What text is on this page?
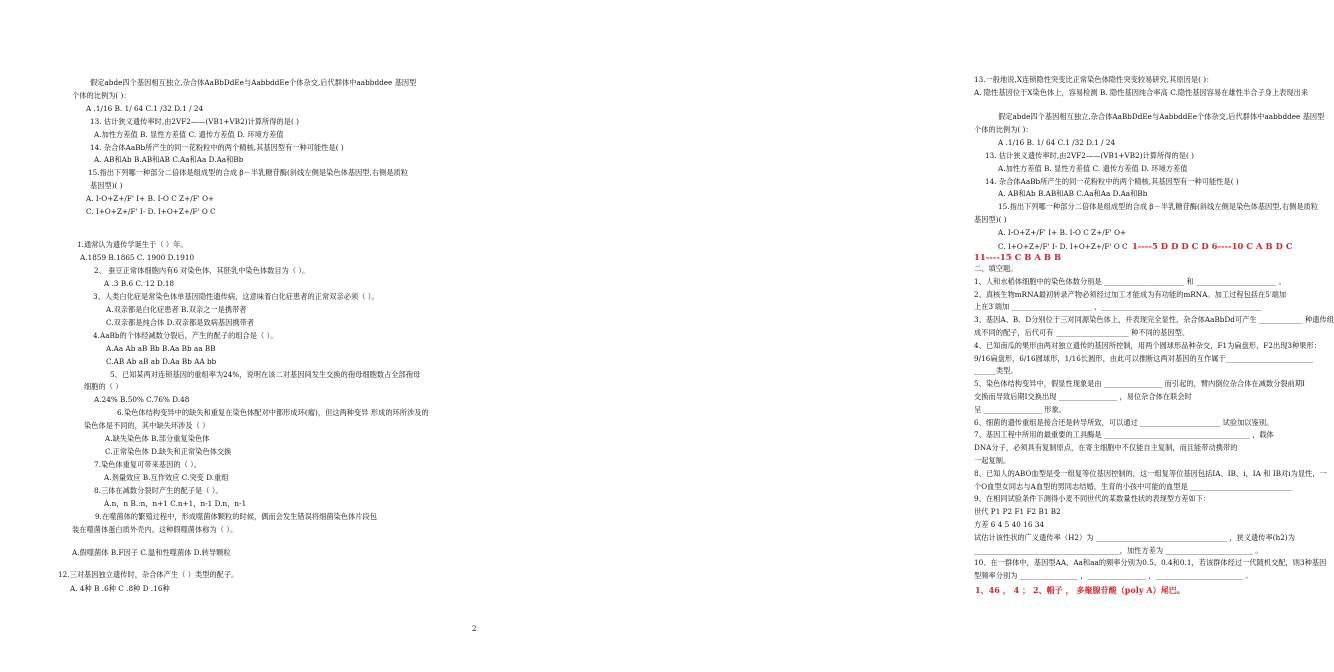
假定abde四个基因相互独立,杂合体AaBbDdEe与AabbddEe个体杂交,后代群体中aabbddee 基因型
个体的比例为( )：
A .1/16 B. 1/ 64 C.1 /32 D.1 / 24
13. 估计狭义遗传率时,由2VF2——(VB1+VB2)计算所得的是( )
A.加性方差值 B. 显性方差值 C. 遗传方差值 D. 环境方差值
14. 杂合体AaBb所产生的同一花粉粒中的两个精核,其基因型有一种可能性是( )
A. AB和Ab B.AB和AB C.Aa和Aa D.Aa和Bb
15.指出下列哪一种部分二倍体是组成型的合成 β－半乳糖苷酶(斜线左侧是染色体基因型,右侧是质粒
基因型)( )
A. I-O+Z+/F' I+ B. I-O C Z+/F' O+
C. I+O+Z+/F' I- D. I+O+Z+/F' O C
1.通常认为遗传学诞生于（ ）年。
A.1859 B.1865 C. 1900 D.1910
2、 蚕豆正常体细胞内有6 对染色体，其胚乳中染色体数目为（ ）。
A .3 B.6 C. 12 D.18
3、人类白化症是常染色体单基因隐性遗传病，这意味着白化症患者的正常双亲必须（ ）。
A.双亲都是白化症患者 B.双亲之一是携带者
C.双亲都是纯合体 D.双亲都是致病基因携带者
4.AaBb的个体经减数分裂后，产生的配子的组合是（ ）。
A.Aa Ab aB Bb B.Aa Bb aa BB
C.AB Ab aB ab D.Aa Bb AA bb
5、已知某两对连锁基因的重组率为24%，说明在该二对基因间发生交换的孢母细胞数占全部孢母
细胞的（ ）
A.24% B.50% C.76% D.48
6.染色体结构变异中的缺失和重复在染色体配对中都形成环(瘤)，但这两种变异 形成的环所涉及的
染色体是不同的，其中缺失环涉及（ ）
A.缺失染色体 B.部分重复染色体
C.正常染色体 D.缺失和正常染色体交换
7.染色体重复可带来基因的（ ）。
A.剂量效应 B.互作效应 C.突变 D.重组
8.三体在减数分裂时产生的配子是（ ）。
A.n，n B.:n，n+1 C.n+1，n-1 D.n，n-1
9.在噬菌体的繁殖过程中，形成噬菌体颗粒的时候，偶而会发生错误将细菌染色体片段包
装在噬菌体蛋白质外壳内。这种假噬菌体称为（ ）。
A.假噬菌体 B.F因子 C.温和性噬菌体 D.转导颗粒
12.三对基因独立遗传时，杂合体产生（ ）类型的配子。
A. 4种 B .6种 C .8种 D .16种
13.一般地说,X连锁隐性突变比正常染色体隐性突变较易研究,其原因是( )：
A. 隐性基因位于X染色体上，容易检测 B. 隐性基因纯合率高 C.隐性基因容易在雄性半合子身上表现出来
假定abde四个基因相互独立,杂合体AaBbDdEe与AabbddEe个体杂交,后代群体中aabbddee 基因型
个体的比例为( )：
A .1/16 B. 1/ 64 C.1 /32 D.1 / 24
13. 估计狭义遗传率时,由2VF2——(VB1+VB2)计算所得的是( )
A.加性方差值 B. 显性方差值 C. 遗传方差值 D. 环境方差值
14. 杂合体AaBb所产生的同一花粉粒中的两个精核,其基因型有一种可能性是( )
A. AB和Ab B.AB和AB C.Aa和Aa D.Aa和Bb
15.指出下列哪一种部分二倍体是组成型的合成 β－半乳糖苷酶(斜线左侧是染色体基因型,右侧是质粒
基因型)( )
A. I-O+Z+/F' I+ B. I-O C Z+/F' O+
C. I+O+Z+/F' I- D. I+O+Z+/F' O C 1----5 D D D C D 6----10 C A B D C
11----15 C B A B B
二、填空题。
1、人和水稻体细胞中的染色体数分别是 ______________________ 和 ______________________ 。
2、真核生物mRNA最初转录产物必须经过加工才能成为有功能的mRNA。加工过程包括在5′端加
上在3′端加 ______________________ ，____________________________________________
3、基因A、B、D分别位于三对同源染色体上，并表现完全显性，杂合体AaBbDd可产生 ____________ 种遗传组
成不同的配子，后代可有 ____________________ 种不同的基因型。
4、已知南瓜的果形由两对独立遗传的基因所控制，用两个圆球形品种杂交，F1为扁盘形，F2出现3种果形：
9/16扁盘形，6/16圆球形，1/16长圆形，由此可以推断这两对基因的互作属于________________________
______类型。
5、染色体结构变异中，假显性现象是由 ________________ 而引起的，臂内倒位杂合体在减数分裂前期I
交换而导致后期I交换出现 ________________ ，易位杂合体在联会时
呈 ________________ 形象。
6、细菌的遗传重组是接合还是转导所致，可以通过 ______________________ 试验加以鉴别。
7、基因工程中所用的最重要的工具酶是 ________________________________________ ，载体
DNA分子，必须具有复制原点，在寄主细胞中不仅能自主复制，而且能带动携带的
一起复制。
8、已知人的ABO血型是受一组复等位基因控制的，这一组复等位基因包括IA、IB、i，IA 和 IB对i为显性，一
个O血型女同志与A血型的男同志结婚，生育的小孩中可能的血型是 ____________________________
9、在相同试验条件下测得小麦不同世代的某数量性状的表现型方差如下：
世代 P1 P2 F1 F2 B1 B2
方差 6 4 5 40 16 34
试估计该性状的广义遗传率（H2）为 ____________________________________ ，狭义遗传率(h2)为
________________________________________，加性方差为 ________________________ 。
10、在一群体中，基因型AA、Aa和aa的频率分别为0.5、0.4和0.1，若该群体经过一代随机交配，则3种基因
型频率分别为 ________________ ，________________ ，________________________ 。
1、46 ， 4 ； 2、帽子 ， 多聚腺苷酸（poly A）尾巴。
2
